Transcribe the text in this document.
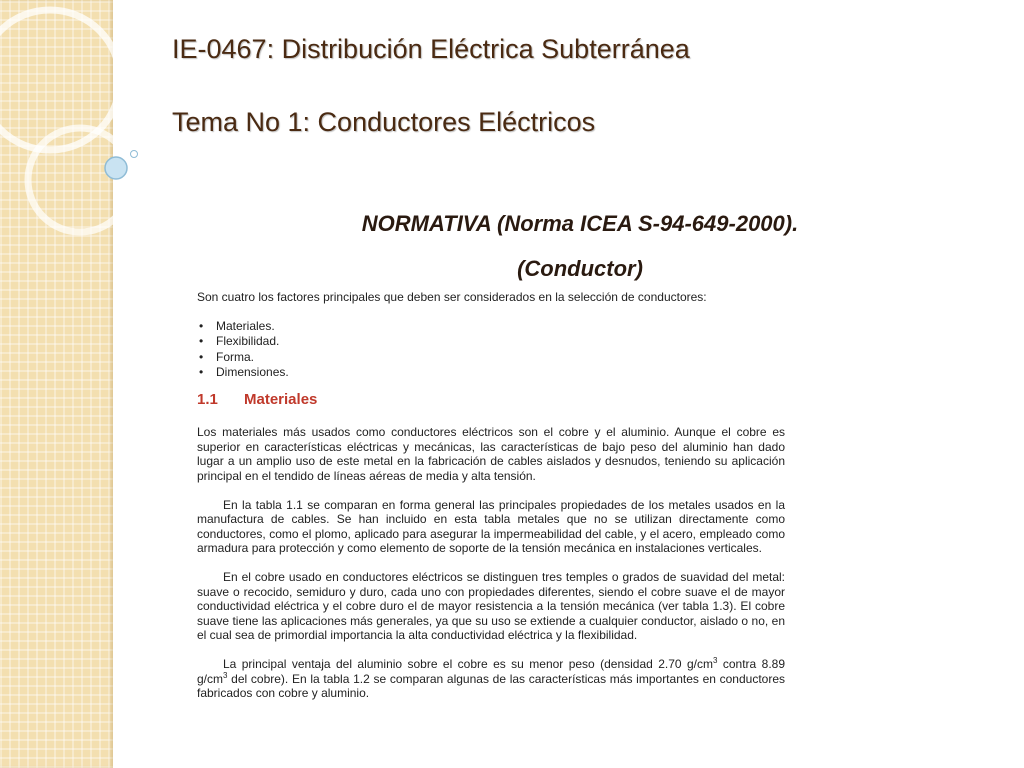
IE-0467: Distribución Eléctrica Subterránea

Tema No 1: Conductores Eléctricos

NORMATIVA (Norma ICEA S-94-649-2000).

(Conductor)

Son cuatro los factores principales que deben ser considerados en la selección de conductores:

• Materiales.
• Flexibilidad.
• Forma.
• Dimensiones.
1.1 Materiales

Los materiales más usados como conductores eléctricos son el cobre y el aluminio. Aunque el cobre es superior en características eléctricas y mecánicas, las características de bajo peso del aluminio han dado lugar a un amplio uso de este metal en la fabricación de cables aislados y desnudos, teniendo su aplicación principal en el tendido de líneas aéreas de media y alta tensión.

En la tabla 1.1 se comparan en forma general las principales propiedades de los metales usados en la manufactura de cables. Se han incluido en esta tabla metales que no se utilizan directamente como conductores, como el plomo, aplicado para asegurar la impermeabilidad del cable, y el acero, empleado como armadura para protección y como elemento de soporte de la tensión mecánica en instalaciones verticales.

En el cobre usado en conductores eléctricos se distinguen tres temples o grados de suavidad del metal: suave o recocido, semiduro y duro, cada uno con propiedades diferentes, siendo el cobre suave el de mayor conductividad eléctrica y el cobre duro el de mayor resistencia a la tensión mecánica (ver tabla 1.3). El cobre suave tiene las aplicaciones más generales, ya que su uso se extiende a cualquier conductor, aislado o no, en el cual sea de primordial importancia la alta conductividad eléctrica y la flexibilidad.

La principal ventaja del aluminio sobre el cobre es su menor peso (densidad 2.70 $g/cm^3$ contra 8.89 $g/cm^3$ del cobre). En la tabla 1.2 se comparan algunas de las características más importantes en conductores fabricados con cobre y aluminio.
